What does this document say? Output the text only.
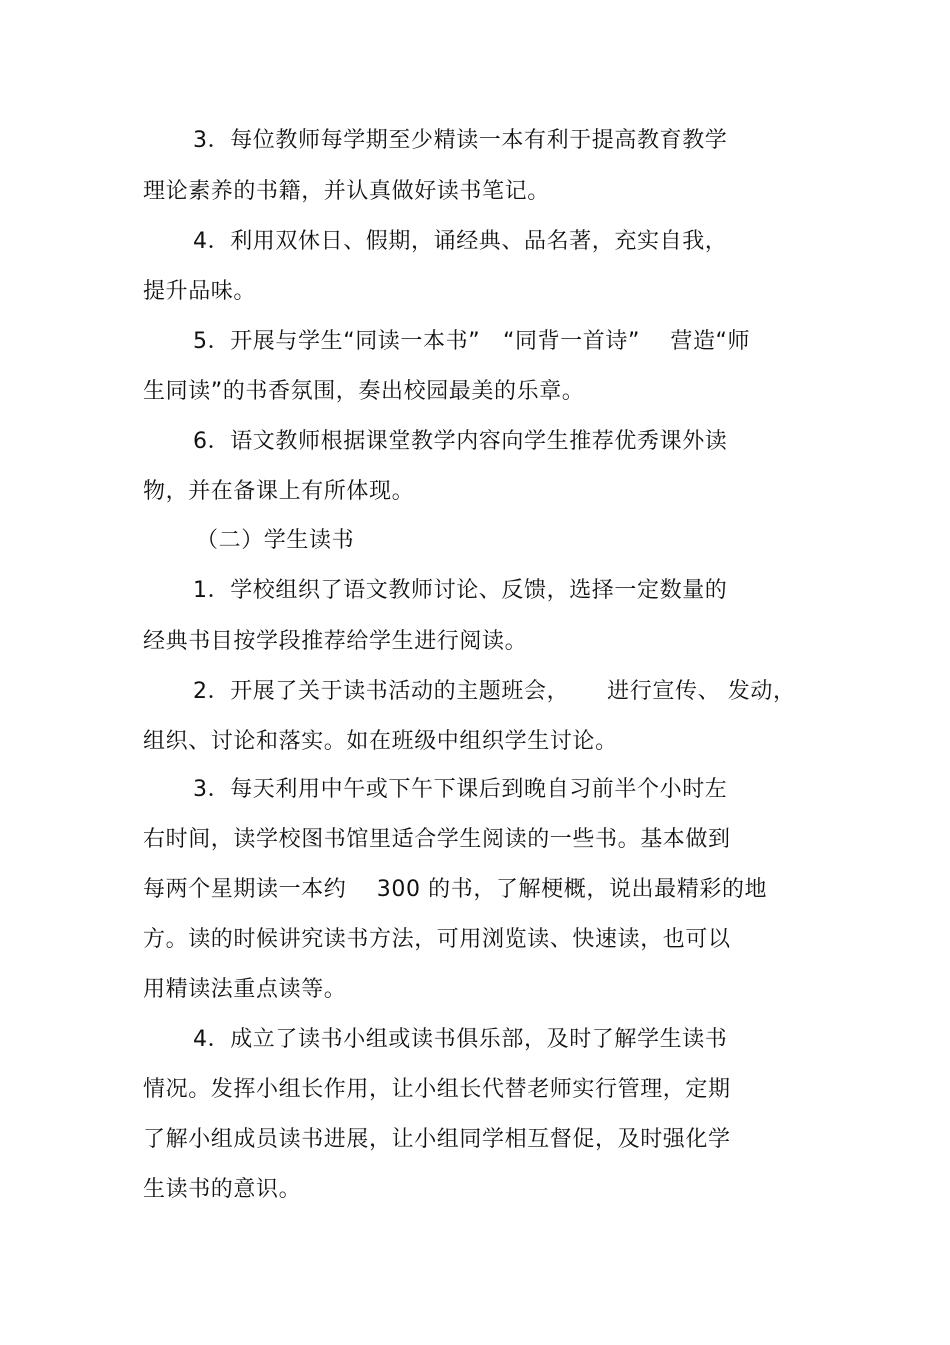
3．每位教师每学期至少精读一本有利于提高教育教学
理论素养的书籍，并认真做好读书笔记。
4．利用双休日、假期，诵经典、品名著，充实自我，
提升品味。
5．开展与学生“同读一本书”   “同背一首诗”    营造“师
生同读”的书香氛围，奏出校园最美的乐章。
6．语文教师根据课堂教学内容向学生推荐优秀课外读
物，并在备课上有所体现。
（二）学生读书
1．学校组织了语文教师讨论、反馈，选择一定数量的
经典书目按学段推荐给学生进行阅读。
2．开展了关于读书活动的主题班会，     进行宣传、 发动，
组织、讨论和落实。如在班级中组织学生讨论。
3．每天利用中午或下午下课后到晚自习前半个小时左
右时间，读学校图书馆里适合学生阅读的一些书。基本做到
每两个星期读一本约    300 的书，了解梗概，说出最精彩的地
方。读的时候讲究读书方法，可用浏览读、快速读，也可以
用精读法重点读等。
4．成立了读书小组或读书俱乐部，及时了解学生读书
情况。发挥小组长作用，让小组长代替老师实行管理，定期
了解小组成员读书进展，让小组同学相互督促，及时强化学
生读书的意识。
